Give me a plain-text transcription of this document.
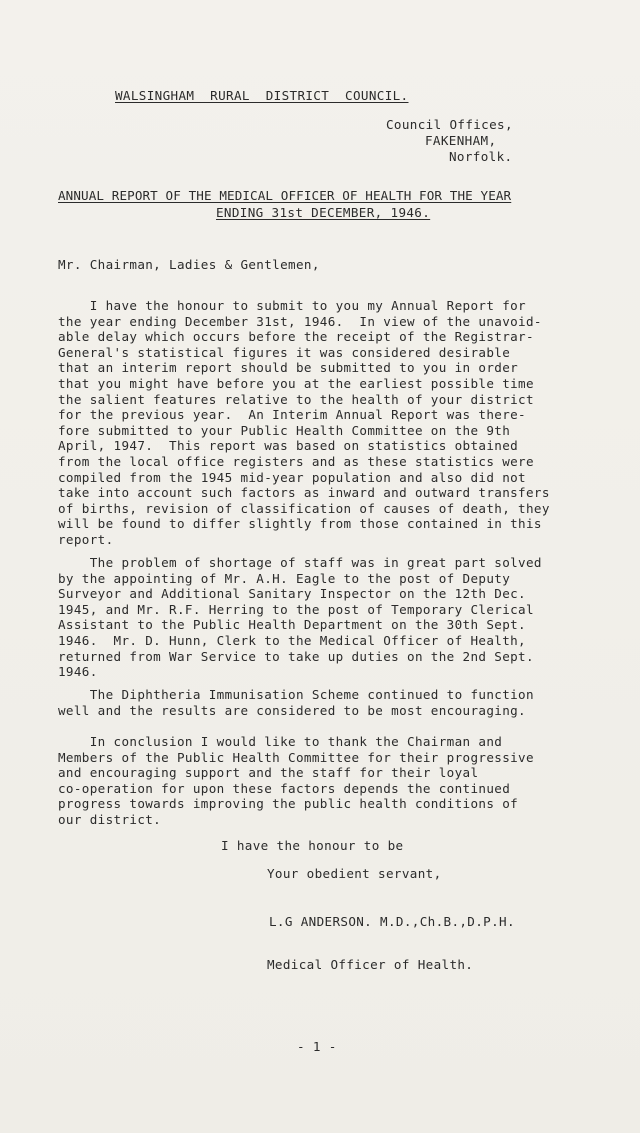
WALSINGHAM  RURAL  DISTRICT  COUNCIL.
Council Offices,
FAKENHAM,
Norfolk.
ANNUAL REPORT OF THE MEDICAL OFFICER OF HEALTH FOR THE YEAR
ENDING 31st DECEMBER, 1946.
Mr. Chairman, Ladies & Gentlemen,
I have the honour to submit to you my Annual Report for
the year ending December 31st, 1946.  In view of the unavoid-
able delay which occurs before the receipt of the Registrar-
General's statistical figures it was considered desirable
that an interim report should be submitted to you in order
that you might have before you at the earliest possible time
the salient features relative to the health of your district
for the previous year.  An Interim Annual Report was there-
fore submitted to your Public Health Committee on the 9th
April, 1947.  This report was based on statistics obtained
from the local office registers and as these statistics were
compiled from the 1945 mid-year population and also did not
take into account such factors as inward and outward transfers
of births, revision of classification of causes of death, they
will be found to differ slightly from those contained in this
report.
The problem of shortage of staff was in great part solved
by the appointing of Mr. A.H. Eagle to the post of Deputy
Surveyor and Additional Sanitary Inspector on the 12th Dec.
1945, and Mr. R.F. Herring to the post of Temporary Clerical
Assistant to the Public Health Department on the 30th Sept.
1946.  Mr. D. Hunn, Clerk to the Medical Officer of Health,
returned from War Service to take up duties on the 2nd Sept.
1946.
The Diphtheria Immunisation Scheme continued to function
well and the results are considered to be most encouraging.
In conclusion I would like to thank the Chairman and
Members of the Public Health Committee for their progressive
and encouraging support and the staff for their loyal
co-operation for upon these factors depends the continued
progress towards improving the public health conditions of
our district.
I have the honour to be
Your obedient servant,
L.G ANDERSON. M.D.,Ch.B.,D.P.H.
Medical Officer of Health.
- 1 -
